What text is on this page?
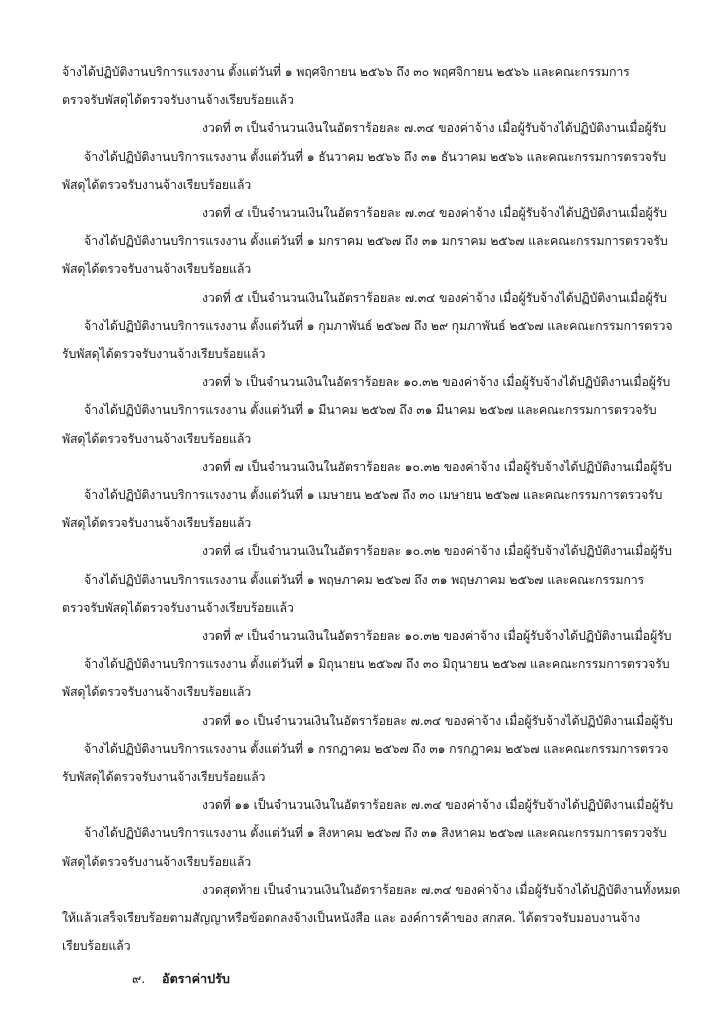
จ้างได้ปฏิบัติงานบริการแรงงาน ตั้งแต่วันที่ ๑ พฤศจิกายน ๒๕๖๖ ถึง ๓๐ พฤศจิกายน ๒๕๖๖ และคณะกรรมการ
ตรวจรับพัสดุได้ตรวจรับงานจ้างเรียบร้อยแล้ว

งวดที่ ๓ เป็นจำนวนเงินในอัตราร้อยละ ๗.๓๔ ของค่าจ้าง เมื่อผู้รับจ้างได้ปฏิบัติงานเมื่อผู้รับ
จ้างได้ปฏิบัติงานบริการแรงงาน ตั้งแต่วันที่ ๑ ธันวาคม ๒๕๖๖ ถึง ๓๑ ธันวาคม ๒๕๖๖ และคณะกรรมการตรวจรับ
พัสดุได้ตรวจรับงานจ้างเรียบร้อยแล้ว

งวดที่ ๔ เป็นจำนวนเงินในอัตราร้อยละ ๗.๓๔ ของค่าจ้าง เมื่อผู้รับจ้างได้ปฏิบัติงานเมื่อผู้รับ
จ้างได้ปฏิบัติงานบริการแรงงาน ตั้งแต่วันที่ ๑ มกราคม ๒๕๖๗ ถึง ๓๑ มกราคม ๒๕๖๗ และคณะกรรมการตรวจรับ
พัสดุได้ตรวจรับงานจ้างเรียบร้อยแล้ว

งวดที่ ๕ เป็นจำนวนเงินในอัตราร้อยละ ๗.๓๔ ของค่าจ้าง เมื่อผู้รับจ้างได้ปฏิบัติงานเมื่อผู้รับ
จ้างได้ปฏิบัติงานบริการแรงงาน ตั้งแต่วันที่ ๑ กุมภาพันธ์ ๒๕๖๗ ถึง ๒๙ กุมภาพันธ์ ๒๕๖๗ และคณะกรรมการตรวจ
รับพัสดุได้ตรวจรับงานจ้างเรียบร้อยแล้ว

งวดที่ ๖ เป็นจำนวนเงินในอัตราร้อยละ ๑๐.๓๒ ของค่าจ้าง เมื่อผู้รับจ้างได้ปฏิบัติงานเมื่อผู้รับ
จ้างได้ปฏิบัติงานบริการแรงงาน ตั้งแต่วันที่ ๑ มีนาคม ๒๕๖๗ ถึง ๓๑ มีนาคม ๒๕๖๗ และคณะกรรมการตรวจรับ
พัสดุได้ตรวจรับงานจ้างเรียบร้อยแล้ว

งวดที่ ๗ เป็นจำนวนเงินในอัตราร้อยละ ๑๐.๓๒ ของค่าจ้าง เมื่อผู้รับจ้างได้ปฏิบัติงานเมื่อผู้รับ
จ้างได้ปฏิบัติงานบริการแรงงาน ตั้งแต่วันที่ ๑ เมษายน ๒๕๖๗ ถึง ๓๐ เมษายน ๒๕๖๗ และคณะกรรมการตรวจรับ
พัสดุได้ตรวจรับงานจ้างเรียบร้อยแล้ว

งวดที่ ๘ เป็นจำนวนเงินในอัตราร้อยละ ๑๐.๓๒ ของค่าจ้าง เมื่อผู้รับจ้างได้ปฏิบัติงานเมื่อผู้รับ
จ้างได้ปฏิบัติงานบริการแรงงาน ตั้งแต่วันที่ ๑ พฤษภาคม ๒๕๖๗ ถึง ๓๑ พฤษภาคม ๒๕๖๗ และคณะกรรมการ
ตรวจรับพัสดุได้ตรวจรับงานจ้างเรียบร้อยแล้ว

งวดที่ ๙ เป็นจำนวนเงินในอัตราร้อยละ ๑๐.๓๒ ของค่าจ้าง เมื่อผู้รับจ้างได้ปฏิบัติงานเมื่อผู้รับ
จ้างได้ปฏิบัติงานบริการแรงงาน ตั้งแต่วันที่ ๑ มิถุนายน ๒๕๖๗ ถึง ๓๐ มิถุนายน ๒๕๖๗ และคณะกรรมการตรวจรับ
พัสดุได้ตรวจรับงานจ้างเรียบร้อยแล้ว

งวดที่ ๑๐ เป็นจำนวนเงินในอัตราร้อยละ ๗.๓๔ ของค่าจ้าง เมื่อผู้รับจ้างได้ปฏิบัติงานเมื่อผู้รับ
จ้างได้ปฏิบัติงานบริการแรงงาน ตั้งแต่วันที่ ๑ กรกฎาคม ๒๕๖๗ ถึง ๓๑ กรกฎาคม ๒๕๖๗ และคณะกรรมการตรวจ
รับพัสดุได้ตรวจรับงานจ้างเรียบร้อยแล้ว

งวดที่ ๑๑ เป็นจำนวนเงินในอัตราร้อยละ ๗.๓๔ ของค่าจ้าง เมื่อผู้รับจ้างได้ปฏิบัติงานเมื่อผู้รับ
จ้างได้ปฏิบัติงานบริการแรงงาน ตั้งแต่วันที่ ๑ สิงหาคม ๒๕๖๗ ถึง ๓๑ สิงหาคม ๒๕๖๗ และคณะกรรมการตรวจรับ
พัสดุได้ตรวจรับงานจ้างเรียบร้อยแล้ว

งวดสุดท้าย เป็นจำนวนเงินในอัตราร้อยละ ๗.๓๔ ของค่าจ้าง เมื่อผู้รับจ้างได้ปฏิบัติงานทั้งหมด
ให้แล้วเสร็จเรียบร้อยตามสัญญาหรือข้อตกลงจ้างเป็นหนังสือ และ องค์การค้าของ สกสค. ได้ตรวจรับมอบงานจ้าง
เรียบร้อยแล้ว

๙. อัตราค่าปรับ
